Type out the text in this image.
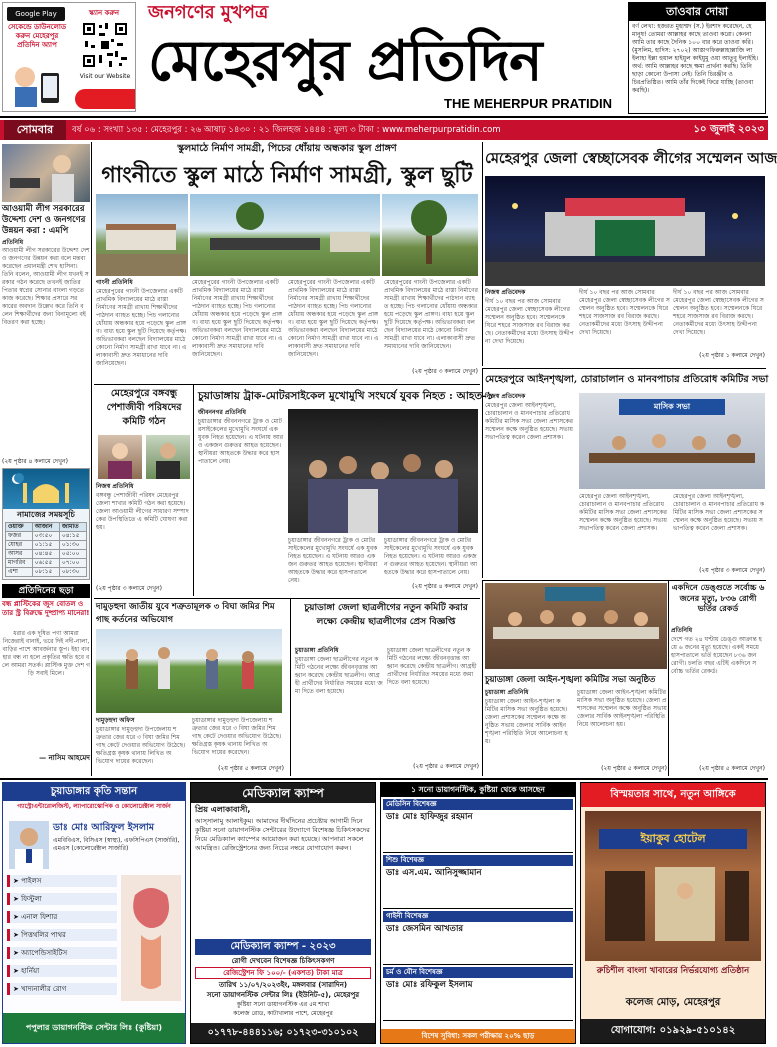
Google Play
সেকেন্ডে ডাউনলোড করুন মেহেরপুর প্রতিদিন অ্যাপ
স্ক্যান করুন
Visit our Website
জনগণের মুখপত্র
মেহেরপুর প্রতিদিন
THE MEHERPUR PRATIDIN
তাওবার দোয়া
বর্ণ লেখ্য: হজরত মুহাম্মদ (স.) ইরশাদ করেছেন, হে মানুষ! তোমরা আল্লাহর কাছে তাওবা করো। কেননা আমি তার কাছে দৈনিক ১০০ বার করে তাওবা করি। (মুসলিম, হাদিস: ২৭০২) আস্তাগফিরুল্লাহাল্লাজি লা ইলাহা ইল্লা হুয়াল হাইয়ুল কাইয়ুমু ওয়া আতুবু ইলাইহি। অর্থ: আমি আল্লাহর কাছে ক্ষমা প্রার্থনা করছি। তিনি ছাড়া কোনো উপাস্য নেই। তিনি চিরঞ্জীব ও চিরপ্রতিষ্ঠিত। আমি তাঁর দিকেই ফিরে যাচ্ছি (তাওবা করছি)।
সোমবার	বর্ষ ০৬ : সংখ্যা ১৩৫ : মেহেরপুর : ২৬ আষাঢ় ১৪৩০ : ২১ জিলহজ ১৪৪৪ : মূল্য ৩ টাকা : www.meherpurpratidin.com	১০ জুলাই ২০২৩
আওয়ামী লীগ সরকারের উদ্দেশ্য দেশ ও জনগণের উন্নয়ন করা : এমপি
প্রতিনিধি
আওয়ামী লীগ সরকারের উদ্দেশ্য দেশ ও জনগণের উন্নয়ন করা বলে মন্তব্য করেছেন প্রধানমন্ত্রী শেখ হাসিনা। তিনি বলেন, আওয়ামী লীগ যখনই সরকার গঠন করেছে তখনই জাতির পিতার স্বপ্নের সোনার বাংলা গড়তে কাজ করেছে। শিক্ষার প্রসারে সরকারের অবদান উল্লেখ করে তিনি বলেন শিক্ষার্থীদের জন্য বিনামূল্যে বই বিতরণ করা হচ্ছে।
(২য় পৃষ্ঠার ৪ কলামে দেখুন)
নামাজের সময়সূচি
ওয়াক্ত	আজান	জামাত
ফজর	০৩:৫০	০৪:১৫
যোহর	০১:১৫	০১:৩০
আসর	০৪:৪৫	০৫:০০
মাগরিব	০৬:৫৫	০৭:০০
এশা	০৮:১৫	০৮:৩০
প্রতিদিনের ছড়া
বন্ধ প্লাস্টিকের জুস বোতল ও তার স্ট্র বিরুদ্ধে দুষ্প্রাপ্য মানেরা!
ধরার এক দূষিত পণ্য আমরা নিজেরাই বানাই, ভরে দিই নদী-নালা, বাড়ির পাশে আবর্জনার স্তূপ। ইহা ব্যবহার বন্ধ না হলে প্রকৃতির ক্ষতি হবে বলে আমরা সতর্ক। প্লাস্টিক মুক্ত দেশ গড়ি সবাই মিলে।
— নাসিম আহমেদ
স্কুলমাঠে নির্মাণ সামগ্রী, পিচের ধোঁয়ায় অন্ধকার স্কুল প্রাঙ্গণ
গাংনীতে স্কুল মাঠে নির্মাণ সামগ্রী, স্কুল ছুটি
গাংনী প্রতিনিধি
মেহেরপুরের গাংনী উপজেলার একটি প্রাথমিক বিদ্যালয়ের মাঠে রাস্তা নির্মাণের সামগ্রী রাখায় শিক্ষার্থীদের পাঠদান ব্যাহত হচ্ছে। পিচ গলানোর ধোঁয়ায় অন্ধকার হয়ে পড়েছে স্কুল প্রাঙ্গণ। বাধ্য হয়ে স্কুল ছুটি দিয়েছে কর্তৃপক্ষ। অভিভাবকরা বলছেন বিদ্যালয়ের মাঠে কোনো নির্মাণ সামগ্রী রাখা যাবে না। এলাকাবাসী দ্রুত সমাধানের দাবি জানিয়েছেন।
মেহেরপুরের গাংনী উপজেলার একটি প্রাথমিক বিদ্যালয়ের মাঠে রাস্তা নির্মাণের সামগ্রী রাখায় শিক্ষার্থীদের পাঠদান ব্যাহত হচ্ছে। পিচ গলানোর ধোঁয়ায় অন্ধকার হয়ে পড়েছে স্কুল প্রাঙ্গণ। বাধ্য হয়ে স্কুল ছুটি দিয়েছে কর্তৃপক্ষ। অভিভাবকরা বলছেন বিদ্যালয়ের মাঠে কোনো নির্মাণ সামগ্রী রাখা যাবে না। এলাকাবাসী দ্রুত সমাধানের দাবি জানিয়েছেন।
মেহেরপুরের গাংনী উপজেলার একটি প্রাথমিক বিদ্যালয়ের মাঠে রাস্তা নির্মাণের সামগ্রী রাখায় শিক্ষার্থীদের পাঠদান ব্যাহত হচ্ছে। পিচ গলানোর ধোঁয়ায় অন্ধকার হয়ে পড়েছে স্কুল প্রাঙ্গণ। বাধ্য হয়ে স্কুল ছুটি দিয়েছে কর্তৃপক্ষ। অভিভাবকরা বলছেন বিদ্যালয়ের মাঠে কোনো নির্মাণ সামগ্রী রাখা যাবে না। এলাকাবাসী দ্রুত সমাধানের দাবি জানিয়েছেন।
মেহেরপুরের গাংনী উপজেলার একটি প্রাথমিক বিদ্যালয়ের মাঠে রাস্তা নির্মাণের সামগ্রী রাখায় শিক্ষার্থীদের পাঠদান ব্যাহত হচ্ছে। পিচ গলানোর ধোঁয়ায় অন্ধকার হয়ে পড়েছে স্কুল প্রাঙ্গণ। বাধ্য হয়ে স্কুল ছুটি দিয়েছে কর্তৃপক্ষ। অভিভাবকরা বলছেন বিদ্যালয়ের মাঠে কোনো নির্মাণ সামগ্রী রাখা যাবে না। এলাকাবাসী দ্রুত সমাধানের দাবি জানিয়েছেন।
(২য় পৃষ্ঠার ৩ কলামে দেখুন)
মেহেরপুর জেলা স্বেচ্ছাসেবক লীগের সম্মেলন আজ
নিজস্ব প্রতিবেদক
দীর্ঘ ১০ বছর পর আজ সোমবার মেহেরপুর জেলা স্বেচ্ছাসেবক লীগের সম্মেলন অনুষ্ঠিত হবে। সম্মেলনকে ঘিরে শহরে সাজসাজ রব বিরাজ করছে। নেতাকর্মীদের মধ্যে উৎসাহ উদ্দীপনা দেখা দিয়েছে।
দীর্ঘ ১০ বছর পর আজ সোমবার মেহেরপুর জেলা স্বেচ্ছাসেবক লীগের সম্মেলন অনুষ্ঠিত হবে। সম্মেলনকে ঘিরে শহরে সাজসাজ রব বিরাজ করছে। নেতাকর্মীদের মধ্যে উৎসাহ উদ্দীপনা দেখা দিয়েছে।
দীর্ঘ ১০ বছর পর আজ সোমবার মেহেরপুর জেলা স্বেচ্ছাসেবক লীগের সম্মেলন অনুষ্ঠিত হবে। সম্মেলনকে ঘিরে শহরে সাজসাজ রব বিরাজ করছে। নেতাকর্মীদের মধ্যে উৎসাহ উদ্দীপনা দেখা দিয়েছে।
(২য় পৃষ্ঠার ১ কলামে দেখুন)
মেহেরপুরে বঙ্গবন্ধু পেশাজীবী পরিষদের কমিটি গঠন
নিজস্ব প্রতিনিধি
বঙ্গবন্ধু পেশাজীবী পরিষদ মেহেরপুর জেলা শাখার কমিটি গঠন করা হয়েছে। জেলা আওয়ামী লীগের সাধারণ সম্পাদকের উপস্থিতিতে এ কমিটি ঘোষণা করা হয়।
(২য় পৃষ্ঠার ৩ কলামে দেখুন)
চুয়াডাঙ্গায় ট্রাক-মোটরসাইকেল মুখোমুখি সংঘর্ষে যুবক নিহত : আহত-১
জীবননগর প্রতিনিধি
চুয়াডাঙ্গার জীবননগরে ট্রাক ও মোটরসাইকেলের মুখোমুখি সংঘর্ষে এক যুবক নিহত হয়েছেন। এ ঘটনায় আরও একজন গুরুতর আহত হয়েছেন। স্থানীয়রা আহতকে উদ্ধার করে হাসপাতালে নেয়।
চুয়াডাঙ্গার জীবননগরে ট্রাক ও মোটরসাইকেলের মুখোমুখি সংঘর্ষে এক যুবক নিহত হয়েছেন। এ ঘটনায় আরও একজন গুরুতর আহত হয়েছেন। স্থানীয়রা আহতকে উদ্ধার করে হাসপাতালে নেয়।
চুয়াডাঙ্গার জীবননগরে ট্রাক ও মোটরসাইকেলের মুখোমুখি সংঘর্ষে এক যুবক নিহত হয়েছেন। এ ঘটনায় আরও একজন গুরুতর আহত হয়েছেন। স্থানীয়রা আহতকে উদ্ধার করে হাসপাতালে নেয়।
(২য় পৃষ্ঠার ৪ কলামে দেখুন)
দামুড়হুদা জাতীয় যুবে শত্রুতামূলক ৩ বিঘা জমির শিম গাছ কর্তনের অভিযোগ
দামুড়হুদা অফিস
চুয়াডাঙ্গার দামুড়হুদা উপজেলায় শত্রুতার জের ধরে ৩ বিঘা জমির শিম গাছ কেটে দেওয়ার অভিযোগ উঠেছে। ক্ষতিগ্রস্ত কৃষক থানায় লিখিত অভিযোগ দায়ের করেছেন।
চুয়াডাঙ্গার দামুড়হুদা উপজেলায় শত্রুতার জের ধরে ৩ বিঘা জমির শিম গাছ কেটে দেওয়ার অভিযোগ উঠেছে। ক্ষতিগ্রস্ত কৃষক থানায় লিখিত অভিযোগ দায়ের করেছেন।
(২য় পৃষ্ঠার ৫ কলামে দেখুন)
চুয়াডাঙ্গা জেলা ছাত্রলীগের নতুন কমিটি করার লক্ষ্যে কেন্দ্রীয় ছাত্রলীগের প্রেস বিজ্ঞপ্তি
চুয়াডাঙ্গা প্রতিনিধি
চুয়াডাঙ্গা জেলা ছাত্রলীগের নতুন কমিটি গঠনের লক্ষ্যে জীবনবৃত্তান্ত আহ্বান করেছে কেন্দ্রীয় ছাত্রলীগ। আগ্রহী প্রার্থীদের নির্ধারিত সময়ের মধ্যে জমা দিতে বলা হয়েছে।
চুয়াডাঙ্গা জেলা ছাত্রলীগের নতুন কমিটি গঠনের লক্ষ্যে জীবনবৃত্তান্ত আহ্বান করেছে কেন্দ্রীয় ছাত্রলীগ। আগ্রহী প্রার্থীদের নির্ধারিত সময়ের মধ্যে জমা দিতে বলা হয়েছে।
(২য় পৃষ্ঠার ৫ কলামে দেখুন)
মেহেরপুরে আইনশৃঙ্খলা, চোরাচালান ও মানবপাচার প্রতিরোধ কমিটির সভা
নিজস্ব প্রতিবেদক
মেহেরপুর জেলা আইনশৃঙ্খলা, চোরাচালান ও মানবপাচার প্রতিরোধ কমিটির মাসিক সভা জেলা প্রশাসকের সম্মেলন কক্ষে অনুষ্ঠিত হয়েছে। সভায় সভাপতিত্ব করেন জেলা প্রশাসক।
মাসিক সভা
মেহেরপুর জেলা আইনশৃঙ্খলা, চোরাচালান ও মানবপাচার প্রতিরোধ কমিটির মাসিক সভা জেলা প্রশাসকের সম্মেলন কক্ষে অনুষ্ঠিত হয়েছে। সভায় সভাপতিত্ব করেন জেলা প্রশাসক।
মেহেরপুর জেলা আইনশৃঙ্খলা, চোরাচালান ও মানবপাচার প্রতিরোধ কমিটির মাসিক সভা জেলা প্রশাসকের সম্মেলন কক্ষে অনুষ্ঠিত হয়েছে। সভায় সভাপতিত্ব করেন জেলা প্রশাসক।
(২য় পৃষ্ঠার ৩ কলামে দেখুন)
চুয়াডাঙ্গা জেলা আইন-শৃঙ্খলা কমিটির সভা অনুষ্ঠিত
চুয়াডাঙ্গা প্রতিনিধি
চুয়াডাঙ্গা জেলা আইন-শৃঙ্খলা কমিটির মাসিক সভা অনুষ্ঠিত হয়েছে। জেলা প্রশাসকের সম্মেলন কক্ষে অনুষ্ঠিত সভায় জেলার সার্বিক আইনশৃঙ্খলা পরিস্থিতি নিয়ে আলোচনা হয়।
চুয়াডাঙ্গা জেলা আইন-শৃঙ্খলা কমিটির মাসিক সভা অনুষ্ঠিত হয়েছে। জেলা প্রশাসকের সম্মেলন কক্ষে অনুষ্ঠিত সভায় জেলার সার্বিক আইনশৃঙ্খলা পরিস্থিতি নিয়ে আলোচনা হয়।
(২য় পৃষ্ঠার ৫ কলামে দেখুন)
একদিনে ডেঙ্গুতে সর্বোচ্চ ৬ জনের মৃত্যু, ৮৩৬ রোগী ভর্তির রেকর্ড
প্রতিনিধি
দেশে গত ২৪ ঘণ্টায় ডেঙ্গু আক্রান্ত হয়ে ৬ জনের মৃত্যু হয়েছে। একই সময়ে হাসপাতালে ভর্তি হয়েছেন ৮৩৬ জন রোগী। চলতি বছর এটিই একদিনে সর্বোচ্চ ভর্তির রেকর্ড।
(২য় পৃষ্ঠার ৫ কলামে দেখুন)
চুয়াডাঙ্গার কৃতি সন্তান
গ্যাস্ট্রোএন্টারোলজিস্ট, ল্যাপারোস্কোপিক ও কোলোরেক্টাল সার্জন
ডাঃ মোঃ আরিফুল ইসলাম
এমবিবিএস, বিসিএস (স্বাস্থ্য), এফসিপিএস (সার্জারি), এমএস (কোলোরেক্টাল সার্জারি)
➤ পাইলস
➤ ফিস্টুলা
➤ এনাল ফিশার
➤ পিত্তথলির পাথর
➤ অ্যাপেন্ডিসাইটিস
➤ হার্নিয়া
➤ খাদ্যনালীর রোগ
পপুলার ডায়াগনস্টিক সেন্টার লিঃ (কুষ্টিয়া)
মেডিক্যাল ক্যাম্প
প্রিয় এলাকাবাসী,
আস্সালামু আলাইকুম। আমাদের দীর্ঘদিনের প্রচেষ্টায় আগামী দিনে কুষ্টিয়া সনো ডায়াগনস্টিক সেন্টারের উদ্যোগে বিশেষজ্ঞ চিকিৎসকদের নিয়ে মেডিক্যাল ক্যাম্পের আয়োজন করা হয়েছে। আপনারা সকলে আমন্ত্রিত। রেজিস্ট্রেশনের জন্য নিচের নম্বরে যোগাযোগ করুন।
মেডিক্যাল ক্যাম্প - ২০২৩
রোগী দেখবেন বিশেষজ্ঞ চিকিৎসকগণ
রেজিস্ট্রেশন ফি ১০০/- (একশত) টাকা মাত্র
তারিখ ১১/০৭/২০২৩ইং, মঙ্গলবার (সারাদিন)
সনো ডায়াগনস্টিক সেন্টার লিঃ (ইউনিট-৫), মেহেরপুর
কুষ্টিয়া সনো ডায়াগনস্টিক এর ৫ম শাখা
কলেজ রোড, কাটাখালার পাশে, মেহেরপুর
০১৭৭৮-৪৪৪১১৬; ০১৭২৩-৩১০১০২
১ সনো ডায়াগনস্টিক, কুষ্টিয়া থেকে আসছেন
মেডিসিন বিশেষজ্ঞ
ডাঃ মোঃ হাফিজুর রহমান
শিশু বিশেষজ্ঞ
ডাঃ এস.এম. আনিসুজ্জামান
গাইনী বিশেষজ্ঞ
ডাঃ জেসমিন আখতার
চর্ম ও যৌন বিশেষজ্ঞ
ডাঃ মোঃ রফিকুল ইসলাম
বিশেষ সুবিধা: সকল পরীক্ষায় ২০% ছাড়
বিস্ময়তার সাথে, নতুন আঙ্গিকে
ইয়াকুব হোটেল
রুচিশীল বাংলা খাবারের নির্ভরযোগ্য প্রতিষ্ঠান
কলেজ মোড়, মেহেরপুর
যোগাযোগ: ০১৯২৯-৫১০১৪২
